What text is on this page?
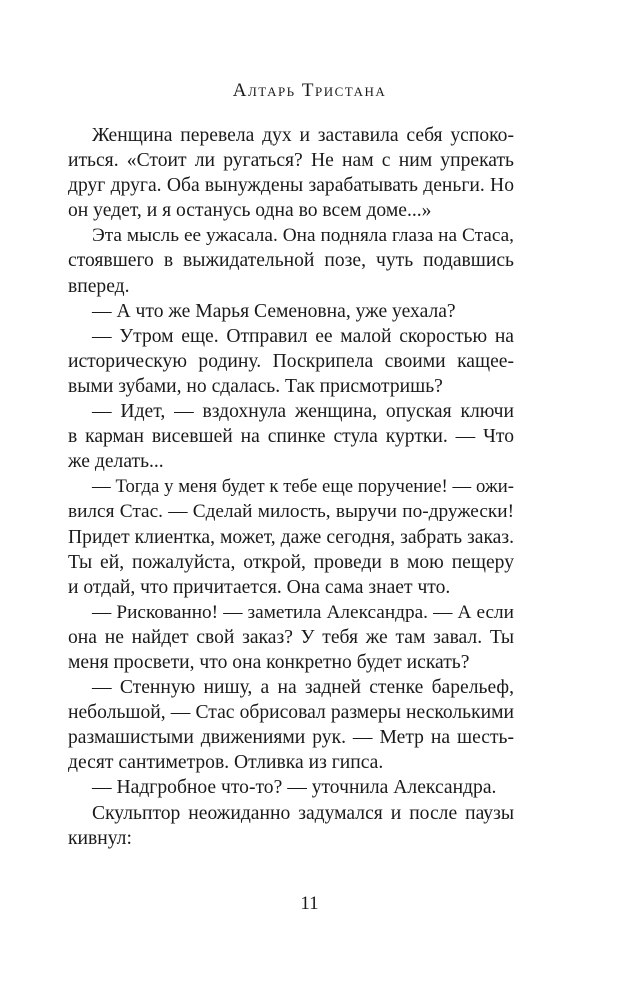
Алтарь Тристана
Женщина перевела дух и заставила себя успоко-
иться. «Стоит ли ругаться? Не нам с ним упрекать
друг друга. Оба вынуждены зарабатывать деньги. Но
он уедет, и я останусь одна во всем доме...»
Эта мысль ее ужасала. Она подняла глаза на Стаса,
стоявшего в выжидательной позе, чуть подавшись
вперед.
— А что же Марья Семеновна, уже уехала?
— Утром еще. Отправил ее малой скоростью на
историческую родину. Поскрипела своими кащее-
выми зубами, но сдалась. Так присмотришь?
— Идет, — вздохнула женщина, опуская ключи
в карман висевшей на спинке стула куртки. — Что
же делать...
— Тогда у меня будет к тебе еще поручение! — ожи-
вился Стас. — Сделай милость, выручи по-дружески!
Придет клиентка, может, даже сегодня, забрать заказ.
Ты ей, пожалуйста, открой, проведи в мою пещеру
и отдай, что причитается. Она сама знает что.
— Рискованно! — заметила Александра. — А если
она не найдет свой заказ? У тебя же там завал. Ты
меня просвети, что она конкретно будет искать?
— Стенную нишу, а на задней стенке барельеф,
небольшой, — Стас обрисовал размеры несколькими
размашистыми движениями рук. — Метр на шесть-
десят сантиметров. Отливка из гипса.
— Надгробное что-то? — уточнила Александра.
Скульптор неожиданно задумался и после паузы
кивнул:
11
